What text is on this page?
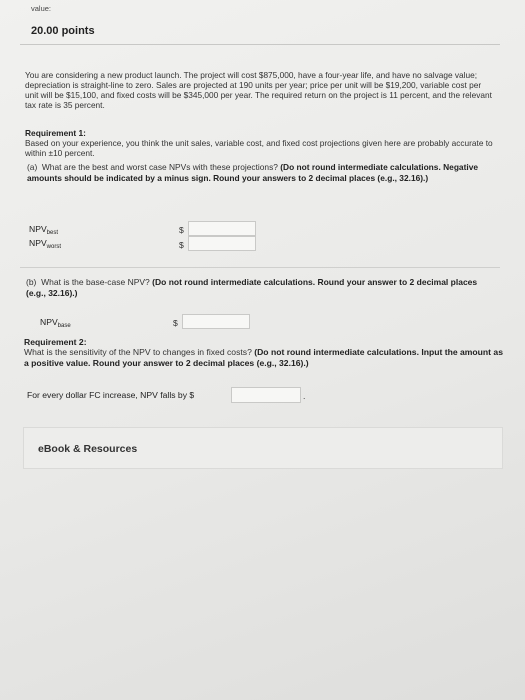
value:
20.00 points
You are considering a new product launch. The project will cost $875,000, have a four-year life, and have no salvage value; depreciation is straight-line to zero. Sales are projected at 190 units per year; price per unit will be $19,200, variable cost per unit will be $15,100, and fixed costs will be $345,000 per year. The required return on the project is 11 percent, and the relevant tax rate is 35 percent.
Requirement 1:
Based on your experience, you think the unit sales, variable cost, and fixed cost projections given here are probably accurate to within ±10 percent.
(a) What are the best and worst case NPVs with these projections? (Do not round intermediate calculations. Negative amounts should be indicated by a minus sign. Round your answers to 2 decimal places (e.g., 32.16).)
$NPV_{best}$	$
$NPV_{worst}$	$
(b) What is the base-case NPV? (Do not round intermediate calculations. Round your answer to 2 decimal places (e.g., 32.16).)
$NPV_{base}$	$
Requirement 2:
What is the sensitivity of the NPV to changes in fixed costs? (Do not round intermediate calculations. Input the amount as a positive value. Round your answer to 2 decimal places (e.g., 32.16).)
For every dollar FC increase, NPV falls by $	.
eBook & Resources
